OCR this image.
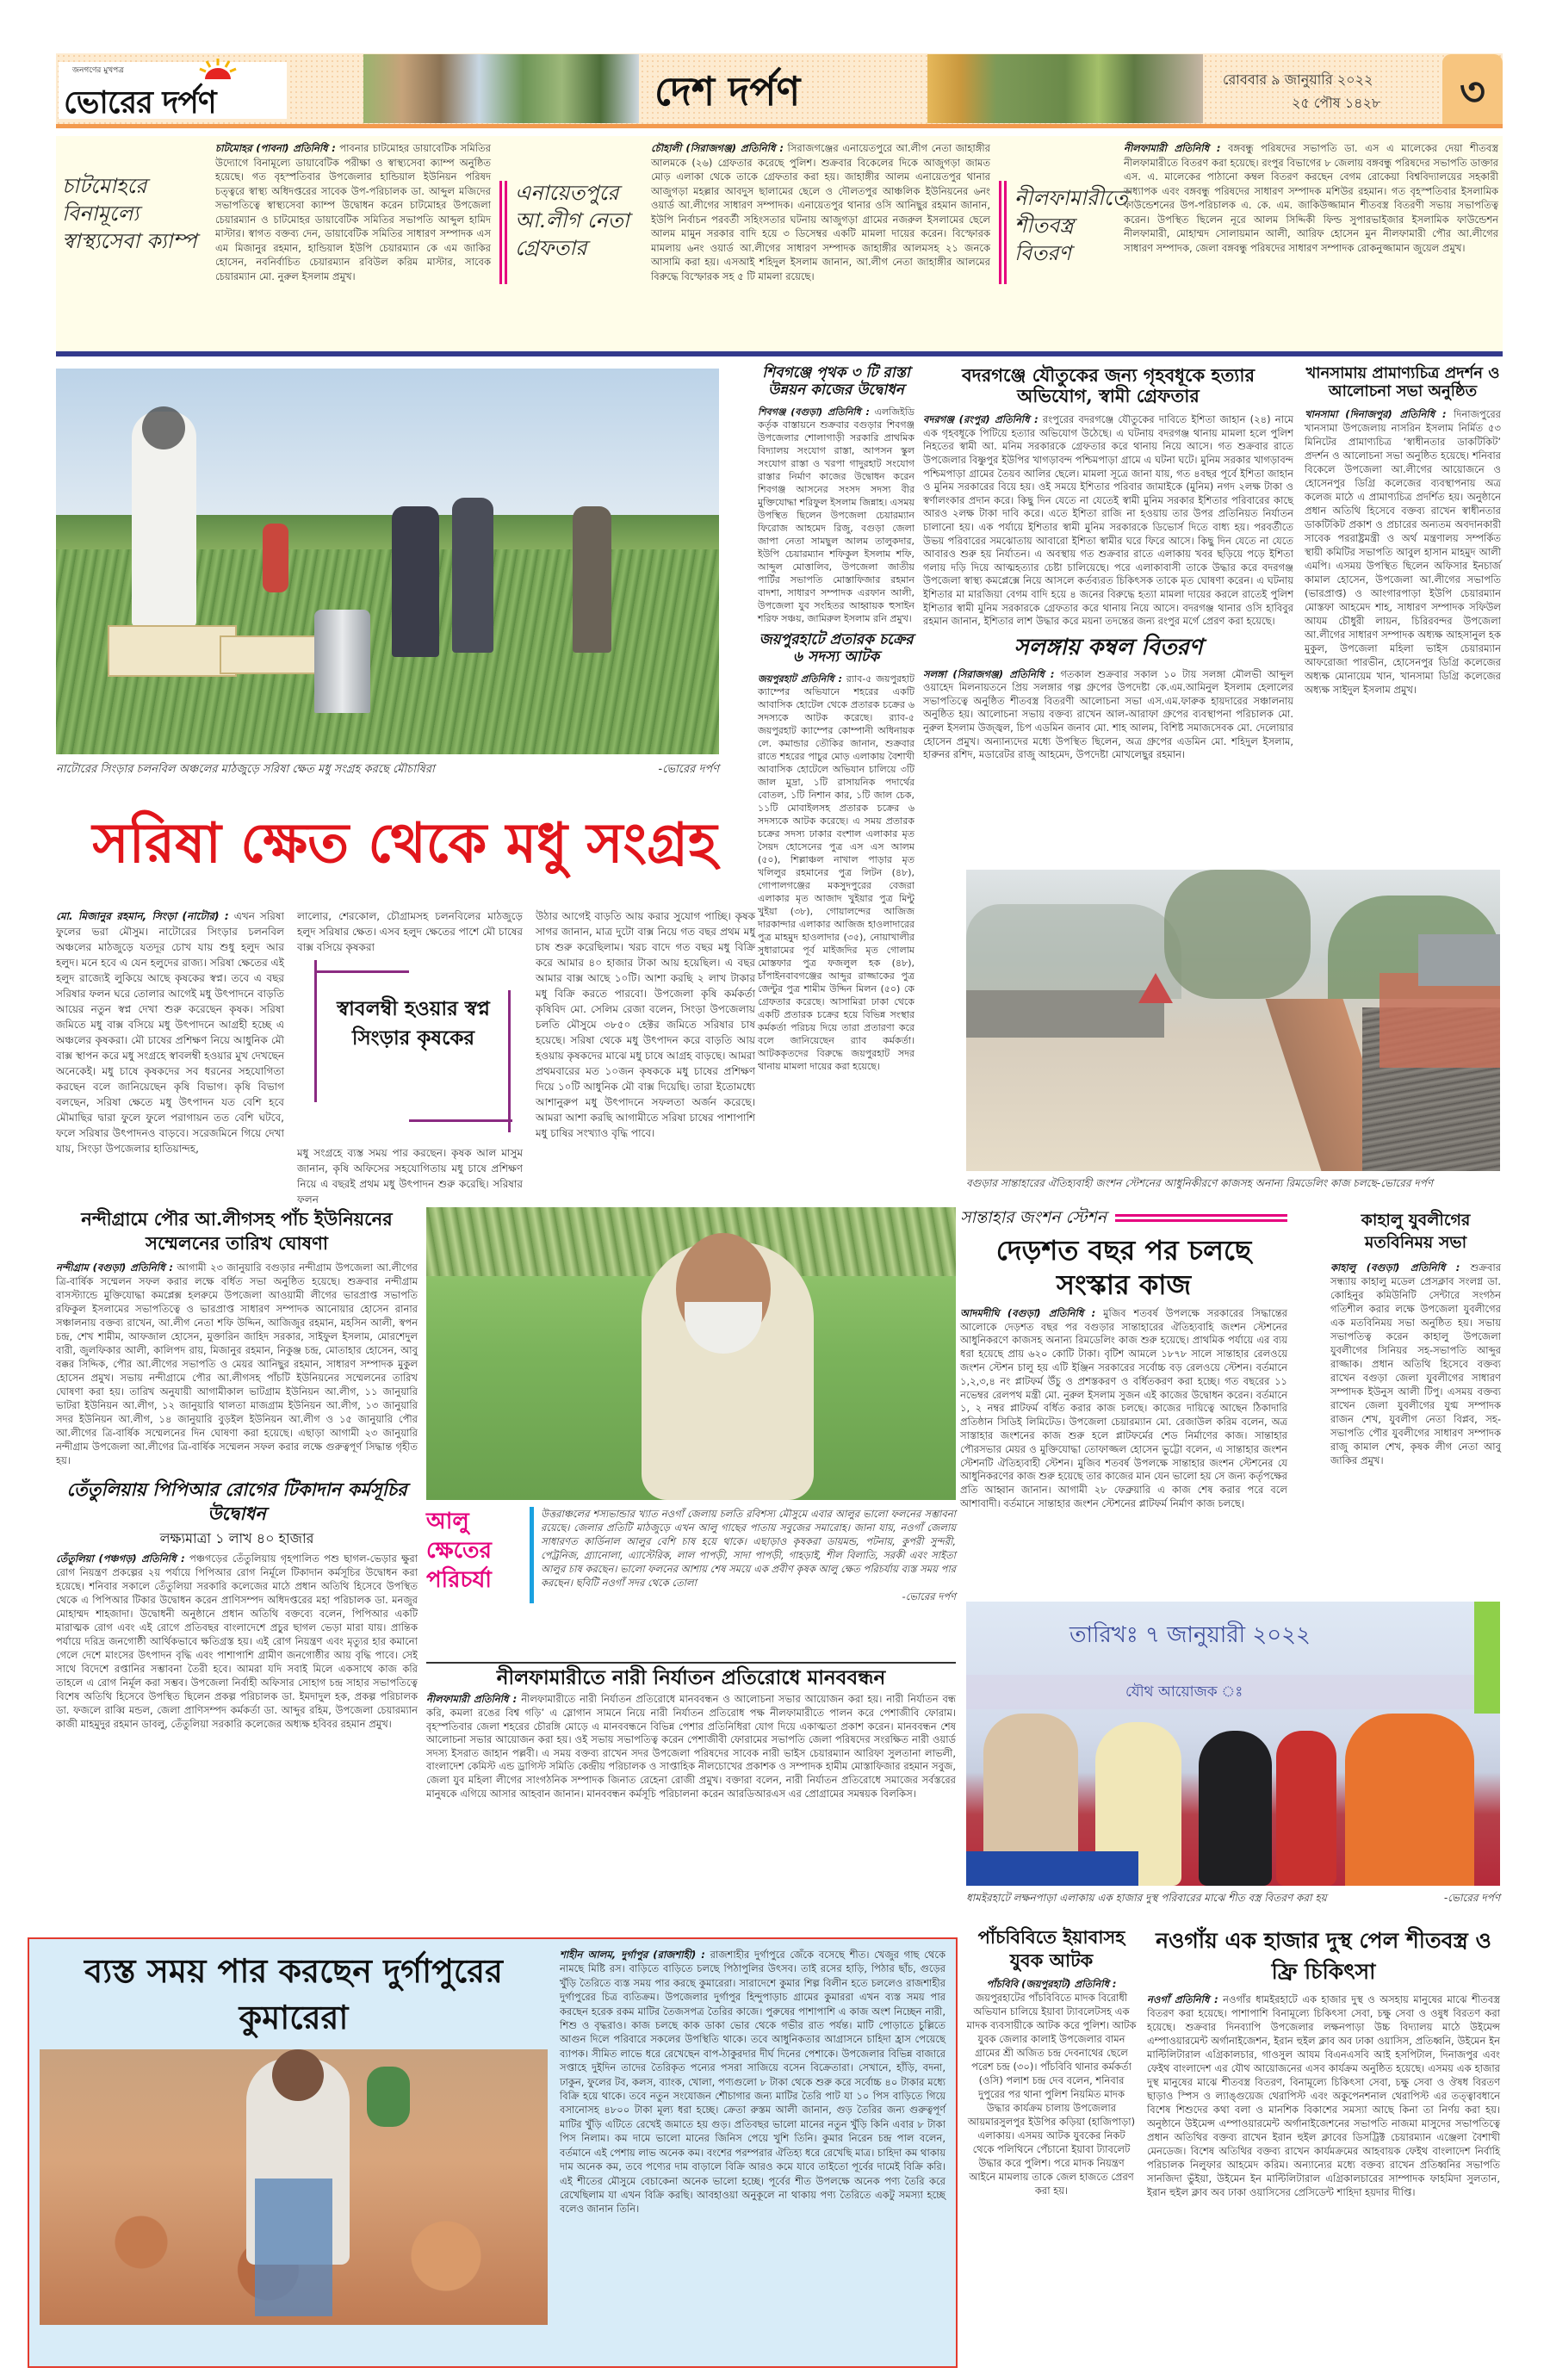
জনগণের মুখপত্র
ভোরের দর্পণ	দেশ দর্পণ	রোববার ৯ জানুয়ারি ২০২২
২৫ পৌষ ১৪২৮	৩
চাটমোহরে বিনামূল্যে স্বাস্থ্যসেবা ক্যাম্প
চাটমোহর (পাবনা) প্রতিনিধি : পাবনার চাটমোহর ডায়াবেটিক সমিতির উদ্যোগে বিনামূল্যে ডায়াবেটিক পরীক্ষা ও স্বাস্থ্যসেবা ক্যাম্প অনুষ্ঠিত হয়েছে। গত বৃহস্পতিবার উপজেলার হান্ডিয়াল ইউনিয়ন পরিষদ চত্ত্বরে স্বাস্থ্য অধিদপ্তরের সাবেক উপ-পরিচালক ডা. আব্দুল মজিদের সভাপতিত্বে স্বাস্থ্যসেবা ক্যাম্প উদ্বোধন করেন চাটমোহর উপজেলা চেয়ারম্যান ও চাটমোহর ডায়াবেটিক সমিতির সভাপতি আব্দুল হামিদ মাস্টার। স্বাগত বক্তব্য দেন, ডায়াবেটিক সমিতির সাধারণ সম্পাদক এস এম মিজানুর রহমান, হান্ডিয়াল ইউপি চেয়ারম্যান কে এম জাকির হোসেন, নবনির্বাচিত চেয়ারম্যান রবিউল করিম মাস্টার, সাবেক চেয়ারম্যান মো. নুরুল ইসলাম প্রমুখ।
এনায়েতপুরে আ.লীগ নেতা গ্রেফতার
চৌহালী (সিরাজগঞ্জ) প্রতিনিধি : সিরাজগঞ্জের এনায়েতপুরে আ.লীগ নেতা জাহাঙ্গীর আলমকে (২৬) গ্রেফতার করেছে পুলিশ। শুক্রবার বিকেলের দিকে আজুগড়া জামত মোড় এলাকা থেকে তাকে গ্রেফতার করা হয়। জাহাঙ্গীর আলম এনায়েতপুর থানার আজুগড়া মহল্লার আবদুস ছালামের ছেলে ও দৌলতপুর আঞ্চলিক ইউনিয়নের ৬নং ওয়ার্ড আ.লীগের সাধারণ সম্পাদক। এনায়েতপুর থানার ওসি আনিছুর রহমান জানান, ইউপি নির্বাচন পরবর্তী সহিংসতার ঘটনায় আজুগড়া গ্রামের নজরুল ইসলামের ছেলে আলম মামুন সরকার বাদি হয়ে ৩ ডিসেম্বর একটি মামলা দায়ের করেন। বিস্ফোরক মামলায় ৬নং ওয়ার্ড আ.লীগের সাধারণ সম্পাদক জাহাঙ্গীর আলমসহ ২১ জনকে আসামি করা হয়। এসআই শহিদুল ইসলাম জানান, আ.লীগ নেতা জাহাঙ্গীর আলমের বিরুদ্ধে বিস্ফোরক সহ ৫ টি মামলা রয়েছে।
নীলফামারীতে শীতবস্ত্র বিতরণ
নীলফামারী প্রতিনিধি : বঙ্গবন্ধু পরিষদের সভাপতি ডা. এস এ মালেকের দেয়া শীতবস্ত্র নীলফামারীতে বিতরণ করা হয়েছে। রংপুর বিভাগের ৮ জেলায় বঙ্গবন্ধু পরিষদের সভাপতি ডাক্তার এস. এ. মালেকের পাঠানো কম্বল বিতরণ করছেন বেগম রোকেয়া বিশ্ববিদ্যালয়ের সহকারী অধ্যাপক এবং বঙ্গবন্ধু পরিষদের সাধারণ সম্পাদক মশিউর রহমান। গত বৃহস্পতিবার ইসলামিক ফাউন্ডেশনের উপ-পরিচালক এ. কে. এম. জাকিউজ্জামান শীতবস্ত্র বিতরণী সভায় সভাপতিত্ব করেন। উপস্থিত ছিলেন নূরে আলম সিদ্দিকী ফিল্ড সুপারভাইজার ইসলামিক ফাউন্ডেশন নীলফামারী, মোহাম্মদ সোলায়মান আলী, আরিফ হোসেন মুন নীলফামারী পৌর আ.লীগের সাধারণ সম্পাদক, জেলা বঙ্গবন্ধু পরিষদের সাধারণ সম্পাদক রোকনুজ্জামান জুয়েল প্রমুখ।
নাটোরের সিংড়ার চলনবিল অঞ্চলের মাঠজুড়ে সরিষা ক্ষেত মধু সংগ্রহ করছে মৌচাষিরা	-ভোরের দর্পণ
সরিষা ক্ষেত থেকে মধু সংগ্রহ
মো. মিজানুর রহমান, সিংড়া (নাটোর) : এখন সরিষা ফুলের ভরা মৌসুম। নাটোরের সিংড়ার চলনবিল অঞ্চলের মাঠজুড়ে যতদূর চোখ যায় শুধু হলুদ আর হলুদ। মনে হবে এ যেন হলুদের রাজ্য। সরিষা ক্ষেতের এই হলুদ রাজ্যেই লুকিয়ে আছে কৃষকের স্বপ্ন। তবে এ বছর সরিষার ফলন ঘরে তোলার আগেই মধু উৎপাদনে বাড়তি আয়ের নতুন স্বপ্ন দেখা শুরু করেছেন কৃষক। সরিষা জমিতে মধু বাক্স বসিয়ে মধু উৎপাদনে আগ্রহী হচ্ছে এ অঞ্চলের কৃষকরা। মৌ চাষের প্রশিক্ষণ নিয়ে আধুনিক মৌ বাক্স স্থাপন করে মধু সংগ্রহে স্বাবলম্বী হওয়ার মুখ দেখছেন অনেকেই। মধু চাষে কৃষকদের সব ধরনের সহযোগিতা করছেন বলে জানিয়েছেন কৃষি বিভাগ। কৃষি বিভাগ বলছেন, সরিষা ক্ষেতে মধু উৎপাদন যত বেশি হবে মৌমাছির দ্বারা ফুলে ফুলে পরাগায়ন তত বেশি ঘটবে, ফলে সরিষার উৎপাদনও বাড়বে। সরেজমিনে গিয়ে দেখা যায়, সিংড়া উপজেলার হাতিয়ান্দহ,
লালোর, শেরকোল, চৌগ্রামসহ চলনবিলের মাঠজুড়ে হলুদ সরিষার ক্ষেত। এসব হলুদ ক্ষেতের পাশে মৌ চাষের বাক্স বসিয়ে কৃষকরা
স্বাবলম্বী হওয়ার স্বপ্ন সিংড়ার কৃষকের
মধু সংগ্রহে ব্যস্ত সময় পার করছেন। কৃষক আল মাসুম জানান, কৃষি অফিসের সহযোগিতায় মধু চাষে প্রশিক্ষণ নিয়ে এ বছরই প্রথম মধু উৎপাদন শুরু করেছি। সরিষার ফলন
উঠার আগেই বাড়তি আয় করার সুযোগ পাচ্ছি। কৃষক সাগর জানান, মাত্র দুটো বাক্স নিয়ে গত বছর প্রথম মধু চাষ শুরু করেছিলাম। খরচ বাদে গত বছর মধু বিক্রি করে আমার ৪০ হাজার টাকা আয় হয়েছিল। এ বছর আমার বাক্স আছে ১০টি। আশা করছি ২ লাখ টাকার মধু বিক্রি করতে পারবো। উপজেলা কৃষি কর্মকর্তা কৃষিবিদ মো. সেলিম রেজা বলেন, সিংড়া উপজেলায় চলতি মৌসুমে ৩৮৫০ হেক্টর জমিতে সরিষার চাষ হয়েছে। সরিষা থেকে মধু উৎপাদন করে বাড়তি আয় হওয়ায় কৃষকদের মাঝে মধু চাষে আগ্রহ বাড়ছে। আমরা প্রথমবারের মত ১০জন কৃষককে মধু চাষের প্রশিক্ষণ দিয়ে ১০টি আধুনিক মৌ বাক্স দিয়েছি। তারা ইতোমধ্যে আশানুরুপ মধু উৎপাদনে সফলতা অর্জন করেছে। আমরা আশা করছি আগামীতে সরিষা চাষের পাশাপাশি মধু চাষির সংখ্যাও বৃদ্ধি পাবে।
শিবগঞ্জে পৃথক ৩ টি রাস্তা উন্নয়ন কাজের উদ্বোধন
শিবগঞ্জ (বগুড়া) প্রতিনিধি : এলজিইডি কর্তৃক বাস্তায়নে শুক্রবার বগুড়ার শিবগঞ্জ উপজেলার শোলাগাড়ী সরকারি প্রাথমিক বিদ্যালয় সংযোগ রাস্তা, আপসন স্কুল সংযোগ রাস্তা ও খরপা গাদুরহাট সংযোগ রাস্তার নির্মাণ কাজের উদ্বোধন করেন শিবগঞ্জ আসনের সংসদ সদস্য বীর মুক্তিযোদ্ধা শরিফুল ইসলাম জিন্নাহ। এসময় উপস্থিত ছিলেন উপজেলা চেয়ারম্যান ফিরোজ আহমেদ রিজু, বগুড়া জেলা জাপা নেতা সামছুল আলম তালুকদার, ইউপি চেয়ারম্যান শফিকুল ইসলাম শফি, আব্দুল মোত্তালিব, উপজেলা জাতীয় পার্টির সভাপতি মোস্তাফিজার রহমান বাদশা, সাধারণ সম্পাদক এরফান আলী, উপজেলা যুব সংহিতর আহ্বায়ক হুসাইন শরিফ সঞ্চয়, জামিরুল ইসলাম রনি প্রমুখ।
জয়পুরহাটে প্রতারক চক্রের ৬ সদস্য আটক
জয়পুরহাট প্রতিনিধি : র‌্যাব-৫ জয়পুরহাট ক্যাম্পের অভিযানে শহরের একটি আবাসিক হোটেল থেকে প্রতারক চক্রের ৬ সদস্যকে আটক করেছে। র‌্যাব-৫ জয়পুরহাট ক্যাম্পের কোম্পানী অধিনায়ক লে. কমান্ডার তৌকির জানান, শুক্রবার রাতে শহরের পাচুর মোড় এলাকায় বৈশাখী আবাসিক হোটেলে অভিযান চালিয়ে ৩টি জাল মুদ্রা, ১টি রাসায়নিক পদার্থের বোতল, ১টি নিশান কার, ১টি জাল চেক, ১১টি মোবাইলসহ প্রতারক চক্রের ৬ সদস্যকে আটক করেছে। এ সময় প্রতারক চক্রের সদস্য ঢাকার বংশাল এলাকার মৃত সৈয়দ হোসেনের পুত্র এস এস আলম (৫০), শিল্লাঞ্চল নাখাল পাড়ার মৃত খলিলুর রহমানের পুত্র লিটন (৪৮), গোপালগঞ্জের মকসুদপুরের বেজরা এলাকার মৃত আজাদ খুইয়ার পুত্র মিন্টু খুইয়া (৩৮), গোয়ালন্দের আজিজ দারকান্দার এলাকার আজিজ হাওলাদারের পুত্র মাহমুদ হাওলাদার (৩৫), নোয়াখালীর সুধারামের পূর্ব মাইজদির মৃত গোলাম মোস্তফার পুত্র ফজলুল হক (৪৮), চাঁপাইনবাবগঞ্জের আব্দুর রাজ্জাকের পুত্র জেন্টুর পুত্র শামীম উদ্দিন মিলন (৫০) কে গ্রেফতার করেছে। আসামিরা ঢাকা থেকে একটি প্রতারক চক্রের হয়ে বিভিন্ন সংস্থার কর্মকর্তা পরিচয় দিয়ে তারা প্রতারণা করে বলে জানিয়েছেন র‌্যাব কর্মকর্তা। আটককৃতদের বিরুদ্ধে জয়পুরহাট সদর থানায় মামলা দায়ের করা হয়েছে।
বদরগঞ্জে যৌতুকের জন্য গৃহবধূকে হত্যার অভিযোগ, স্বামী গ্রেফতার
বদরগঞ্জ (রংপুর) প্রতিনিধি : রংপুরের বদরগঞ্জে যৌতুকের দাবিতে ইশিতা জাহান (২৪) নামে এক গৃহবধূকে পিটিয়ে হত্যার অভিযোগ উঠেছে। এ ঘটনায় বদরগঞ্জ থানায় মামলা হলে পুলিশ নিহতের স্বামী আ. মনিম সরকারকে গ্রেফতার করে থানায় নিয়ে আসে। গত শুক্রবার রাতে উপজেলার বিষ্ণুপুর ইউপির খাগড়াবন্দ পশ্চিমপাড়া গ্রামে এ ঘটনা ঘটে। মুনিম সরকার খাগড়াবন্দ পশ্চিমপাড়া গ্রামের তৈয়ব আলির ছেলে। মামলা সূত্রে জানা যায়, গত ৪বছর পূর্বে ইশিতা জাহান ও মুনিম সরকারের বিয়ে হয়। ওই সময়ে ইশিতার পরিবার জামাইকে (মুনিম) নগদ ২লক্ষ টাকা ও স্বর্ণালংকার প্রদান করে। কিছু দিন যেতে না যেতেই স্বামী মুনিম সরকার ইশিতার পরিবারের কাছে আরও ২লক্ষ টাকা দাবি করে। এতে ইশিতা রাজি না হওয়ায় তার উপর প্রতিনিয়ত নির্যাতন চালানো হয়। এক পর্যায়ে ইশিতার স্বামী মুনিম সরকারকে ডিভোর্স দিতে বাধ্য হয়। পরবর্তীতে উভয় পরিবারের সমঝোতায় আবারো ইশিতা স্বামীর ঘরে ফিরে আসে। কিছু দিন যেতে না যেতে আবারও শুরু হয় নির্যাতন। এ অবস্থায় গত শুক্রবার রাতে এলাকায় খবর ছড়িয়ে পড়ে ইশিতা গলায় দড়ি দিয়ে আত্মহত্যার চেষ্টা চালিয়েছে। পরে এলাকাবাসী তাকে উদ্ধার করে বদরগঞ্জ উপজেলা স্বাস্থ্য কমপ্লেক্সে নিয়ে আসলে কর্তব্যরত চিকিৎসক তাকে মৃত ঘোষণা করেন। এ ঘটনায় ইশিতার মা মারজিয়া বেগম বাদি হয়ে ৪ জনের বিরুদ্ধে হত্যা মামলা দায়ের করলে রাতেই পুলিশ ইশিতার স্বামী মুনিম সরকারকে গ্রেফতার করে থানায় নিয়ে আসে। বদরগঞ্জ থানার ওসি হাবিবুর রহমান জানান, ইশিতার লাশ উদ্ধার করে ময়না তদন্তের জন্য রংপুর মর্গে প্রেরণ করা হয়েছে।
সলঙ্গায় কম্বল বিতরণ
সলঙ্গা (সিরাজগঞ্জ) প্রতিনিধি : গতকাল শুক্রবার সকাল ১০ টায় সলঙ্গা মৌলভী আব্দুল ওয়াহেদ মিলনায়তনে প্রিয় সলঙ্গার গল্প গ্রুপের উপদেষ্টা কে.এম.আমিনুল ইসলাম হেলালের সভাপতিত্বে অনুষ্ঠিত শীতবস্ত্র বিতরণী আলোচনা সভা এস.এম.ফারুক হায়দারের সঞ্চালনায় অনুষ্ঠিত হয়। আলোচনা সভায় বক্তব্য রাখেন আল-আরাফা গ্রুপের ব্যবস্থাপনা পরিচালক মো. নুরুল ইসলাম উজ্জ্বল, চিপ এডমিন জনাব মো. শাহ আলম, বিশিষ্ট সমাজসেবক মো. দেলোয়ার হোসেন প্রমুখ। অন্যান্যদের মধ্যে উপস্থিত ছিলেন, অত্র গ্রুপের এডমিন মো. শহিদুল ইসলাম, হারুনর রশিদ, মডারেটর রাজু আহমেদ, উপদেষ্টা মোখলেছুর রহমান।
খানসামায় প্রামাণ্যচিত্র প্রদর্শন ও আলোচনা সভা অনুষ্ঠিত
খানসামা (দিনাজপুর) প্রতিনিধি : দিনাজপুরের খানসামা উপজেলায় নাসরিন ইসলাম নির্মিত ৫৩ মিনিটের প্রামাণ্যচিত্র ‘স্বাধীনতার ডাকটিকিট’ প্রদর্শন ও আলোচনা সভা অনুষ্ঠিত হয়েছে। শনিবার বিকেলে উপজেলা আ.লীগের আয়োজনে ও হোসেনপুর ডিগ্রি কলেজের ব্যবস্থাপনায় অত্র কলেজ মাঠে এ প্রামাণ্যচিত্র প্রদর্শিত হয়। অনুষ্ঠানে প্রধান অতিথি হিসেবে বক্তব্য রাখেন স্বাধীনতার ডাকটিকিট প্রকাশ ও প্রচারের অন্যতম অবদানকারী সাবেক পররাষ্ট্রমন্ত্রী ও অর্থ মন্ত্রণালয় সম্পর্কিত স্থায়ী কমিটির সভাপতি আবুল হাসান মাহমুদ আলী এমপি। এসময় উপস্থিত ছিলেন অফিসার ইনচার্জ কামাল হোসেন, উপজেলা আ.লীগের সভাপতি (ভারপ্রাপ্ত) ও আংগারপাড়া ইউপি চেয়ারম্যান মোস্তফা আহমেদ শাহ, সাধারণ সম্পাদক সফিউল আযম চৌধুরী লায়ন, চিরিরবন্দর উপজেলা আ.লীগের সাধারণ সম্পাদক অধ্যক্ষ আহসানুল হক মুকুল, উপজেলা মহিলা ভাইস চেয়ারম্যান আফরোজা পারভীন, হোসেনপুর ডিগ্রি কলেজের অধ্যক্ষ মোনায়েম খান, খানসামা ডিগ্রি কলেজের অধ্যক্ষ সাইদুল ইসলাম প্রমুখ।
বগুড়ার সান্তাহারের ঐতিহ্যবাহী জংশন স্টেশনের আধুনিকীরণে কাজসহ অনান্য রিমডেলিং কাজ চলছে-ভোরের দর্পণ
সান্তাহার জংশন স্টেশন
দেড়শত বছর পর চলছে সংস্কার কাজ
আদমদীঘি (বগুড়া) প্রতিনিধি : মুজিব শতবর্ষ উপলক্ষে সরকারের সিদ্ধান্তের আলোকে দেড়শত বছর পর বগুড়ার সান্তাহারের ঐতিহ্যবাহি জংশন স্টেশনের আধুনিকরণে কাজসহ অনান্য রিমডেলিং কাজ শুরু হয়েছে। প্রাথমিক পর্যায়ে এর ব্যয় ধরা হয়েছে প্রায় ৬২০ কোটি টাকা। বৃটিশ আমলে ১৮৭৮ সালে সান্তাহার রেলওয়ে জংশন স্টেশন চালু হয় এটি ইঞ্জিন সরকারের সর্বোচ্চ বড় রেলওয়ে স্টেশন। বর্তমানে ১,২,৩,৪ নং প্লাটফর্ম উঁচু ও প্রশস্তকরণ ও বর্ধিতকরণ করা হচ্ছে। গত বছরের ১১ নভেম্বর রেলপথ মন্ত্রী মো. নুরুল ইসলাম সুজন এই কাজের উদ্বোধন করেন। বর্তমানে ১, ২ নম্বর প্লাটফর্ম বর্ধিত করার কাজ চলছে। কাজের দায়িত্বে আছেন ঠিকাদারি প্রতিষ্ঠান সিডিই লিমিটেড। উপজেলা চেয়ারম্যান মো. রেজাউল করিম বলেন, অত্র সাস্তাহার জংশনের কাজ শুরু হলে প্লাটফর্মের শেড নির্মাণের কাজ। সান্তাহার পৌরসভার মেয়র ও মুক্তিযোদ্ধা তোফাজ্জল হোসেন ভুট্টো বলেন, এ সান্তাহার জংশন স্টেশনটি ঐতিহ্যবাহী স্টেশন। মুজিব শতবর্ষ উপলক্ষে সান্তাহার জংশন স্টেশনের যে আধুনিকরণের কাজ শুরু হয়েছে তার কাজের মান যেন ভালো হয় সে জন্য কর্তৃপক্ষের প্রতি আহ্বান জানান। আগামী ২৮ ফেব্রুয়ারি এ কাজ শেষ করার পরে বলে আশাবাদী। বর্তমানে সান্তাহার জংশন স্টেশনের প্লাটফর্ম নির্মাণ কাজ চলছে।
কাহালু যুবলীগের মতবিনিময় সভা
কাহালু (বগুড়া) প্রতিনিধি : শুক্রবার সন্ধ্যায় কাহালু মডেল প্রেসক্লাব সংলগ্ন ডা. কোহিনুর কমিউনিটি সেন্টারে সংগঠন গতিশীল করার লক্ষে উপজেলা যুবলীগের এক মতবিনিময় সভা অনুষ্ঠিত হয়। সভায় সভাপতিত্ব করেন কাহালু উপজেলা যুবলীগের সিনিয়র সহ-সভাপতি আব্দুর রাজ্জাক। প্রধান অতিথি হিসেবে বক্তব্য রাখেন বগুড়া জেলা যুবলীগের সাধারণ সম্পাদক ইউনুস আলী টিপু। এসময় বক্তব্য রাখেন জেলা যুবলীগের যুগ্ম সম্পাদক রাজন শেখ, যুবলীগ নেতা বিপ্লব, সহ-সভাপতি পৌর যুবলীগের সাধারণ সম্পাদক রাজু কামাল শেখ, কৃষক লীগ নেতা আবু জাকির প্রমুখ।
নন্দীগ্রামে পৌর আ.লীগসহ পাঁচ ইউনিয়নের সম্মেলনের তারিখ ঘোষণা
নন্দীগ্রাম (বগুড়া) প্রতিনিধি : আগামী ২৩ জানুয়ারি বগুড়ার নন্দীগ্রাম উপজেলা আ.লীগের ত্রি-বার্ষিক সম্মেলন সফল করার লক্ষে বর্ধিত সভা অনুষ্ঠিত হয়েছে। শুক্রবার নন্দীগ্রাম বাসস্ট্যান্ডে মুক্তিযোদ্ধা কমপ্লেক্স হলরুমে উপজেলা আওয়ামী লীগের ভারপ্রাপ্ত সভাপতি রফিকুল ইসলামের সভাপতিত্বে ও ভারপ্রাপ্ত সাধারণ সম্পাদক আনোয়ার হোসেন রানার সঞ্চালনায় বক্তব্য রাখেন, আ.লীগ নেতা শফি উদ্দিন, আজিজুর রহমান, মহসিন আলী, স্বপন চন্দ্র, শেখ শামীম, আফজাল হোসেন, মুক্তারিন জাহিদ সরকার, সাইফুল ইসলাম, মোরশেদুল বারী, জুলফিকার আলী, কালিপদ রায়, মিজানুর রহমান, নিকুঞ্জ চন্দ্র, মোতাহার হোসেন, আবু বক্কর সিদ্দিক, পৌর আ.লীগের সভাপতি ও মেয়র আনিছুর রহমান, সাধারণ সম্পাদক মুকুল হোসেন প্রমুখ। সভায় নন্দীগ্রামে পৌর আ.লীগসহ পাঁচটি ইউনিয়নের সম্মেলনের তারিখ ঘোষণা করা হয়। তারিখ অনুযায়ী আগামীকাল ভাটগ্রাম ইউনিয়ন আ.লীগ, ১১ জানুয়ারি ভাটরা ইউনিয়ন আ.লীগ, ১২ জানুয়ারি থালতা মাজগ্রাম ইউনিয়ন আ.লীগ, ১৩ জানুয়ারি সদর ইউনিয়ন আ.লীগ, ১৪ জানুয়ারি বুড়ইল ইউনিয়ন আ.লীগ ও ১৫ জানুয়ারি পৌর আ.লীগের ত্রি-বার্ষিক সম্মেলনের দিন ঘোষণা করা হয়েছে। এছাড়া আগামী ২৩ জানুয়ারি নন্দীগ্রাম উপজেলা আ.লীগের ত্রি-বার্ষিক সম্মেলন সফল করার লক্ষে গুরুত্বপূর্ণ সিদ্ধান্ত গৃহীত হয়।
তেঁতুলিয়ায় পিপিআর রোগের টিকাদান কর্মসূচির উদ্বোধন
লক্ষ্যমাত্রা ১ লাখ ৪০ হাজার
তেঁতুলিয়া (পঞ্চগড়) প্রতিনিধি : পঞ্চগড়ের তেঁতুলিয়ায় গৃহপালিত পশু ছাগল-ভেড়ার ক্ষুরা রোগ নিয়ন্ত্রণ প্রকল্পের ২য় পর্যায়ে পিপিআর রোগ নির্মূলে টিকাদান কর্মসূচির উদ্বোধন করা হয়েছে। শনিবার সকালে তেঁতুলিয়া সরকারি কলেজের মাঠে প্রধান অতিথি হিসেবে উপস্থিত থেকে এ পিপিআর টিকার উদ্বোধন করেন প্রাণিসম্পদ অধিদপ্তরের মহা পরিচালক ডা. মনজুর মোহাম্মদ শাহজাদা। উদ্বোধনী অনুষ্ঠানে প্রধান অতিথি বক্তব্যে বলেন, পিপিআর একটি মারাত্মক রোগ এবং এই রোগে প্রতিবছর বাংলাদেশে প্রচুর ছাগল ভেড়া মারা যায়। প্রান্তিক পর্যায়ে দরিদ্র জনগোষ্ঠী আর্থিকভাবে ক্ষতিগ্রস্ত হয়। এই রোগ নিয়ন্ত্রণ এবং মৃত্যুর হার কমানো গেলে দেশে মাংসের উৎপাদন বৃদ্ধি এবং পাশাপাশি গ্রামীণ জনগোষ্ঠীর আয় বৃদ্ধি পাবে। সেই সাথে বিদেশে রপ্তানির সম্ভাবনা তৈরী হবে। আমরা যদি সবাই মিলে একসাথে কাজ করি তাহলে এ রোগ নির্মূল করা সম্ভব। উপজেলা নির্বাহী অফিসার সোহাগ চন্দ্র সাহার সভাপতিত্বে বিশেষ অতিথি হিসেবে উপস্থিত ছিলেন প্রকল্প পরিচালক ডা. ইমদাদুল হক, প্রকল্প পরিচালক ডা. ফজলে রাব্বি মন্ডল, জেলা প্রাণিসম্পদ কর্মকর্তা ডা. আব্দুর রহিম, উপজেলা চেয়ারম্যান কাজী মাহমুদুর রহমান ডাবলু, তেঁতুলিয়া সরকারি কলেজের অধ্যক্ষ হবিবর রহমান প্রমুখ।
আলু ক্ষেতের পরিচর্যা
উত্তরাঞ্চলের শস্যভান্ডার খ্যাত নওগাঁ জেলায় চলতি রবিশস্য মৌসুমে এবার আলুর ভালো ফলনের সম্ভাবনা রয়েছে। জেলার প্রতিটি মাঠজুড়ে এখন আলু গাছের পাতায় সবুজের সমারোহ। জানা যায়, নওগাঁ জেলায় সাধারণত কার্ডিনাল আলুর বেশি চাষ হয়ে থাকে। এছাড়াও কৃষকরা ডায়মন্ড, পটনায়, কুপরী সুন্দরী, পেট্রনিজ, গ্র্যানোলা, এ্যাস্টেরিক, লাল পাপড়ী, সাদা পাপড়ী, গাহড়াই, শীল বিলাতি, সরকী এবং সাইতা আলুর চাষ করছেন। ভালো ফলনের আশায় শেষ সময়ে এক প্রবীণ কৃষক আলু ক্ষেত পরিচর্যায় ব্যস্ত সময় পার করছেন। ছবিটি নওগাঁ সদর থেকে তোলা
-ভোরের দর্পণ
নীলফামারীতে নারী নির্যাতন প্রতিরোধে মানববন্ধন
নীলফামারী প্রতিনিধি : নীলফামারীতে নারী নির্যাতন প্রতিরোধে মানববন্ধন ও আলোচনা সভার আয়োজন করা হয়। নারী নির্যাতন বন্ধ করি, কমলা রঙের বিশ্ব গড়ি’ এ স্লোগান সামনে নিয়ে নারী নির্যাতন প্রতিরোধ পক্ষ নীলফামারীতে পালন করে পেশাজীবি ফোরাম। বৃহস্পতিবার জেলা শহরের চৌরঙ্গি মোড়ে এ মানববন্ধনে বিভিন্ন পেশার প্রতিনিধিরা যোগ দিয়ে একাত্মতা প্রকাশ করেন। মানববন্ধন শেষ আলোচনা সভার আয়োজন করা হয়। ওই সভায় সভাপতিত্ব করেন পেশাজীবী ফোরামের সভাপতি জেলা পরিষদের সংরক্ষিত নারী ওয়ার্ড সদস্য ইসরাত জাহান পল্লবী। এ সময় বক্তব্য রাখেন সদর উপজেলা পরিষদের সাবেক নারী ভাইস চেয়ারম্যান আরিফা সুলতানা লাভলী, বাংলাদেশ কেমিস্ট এন্ড ড্রাগিস্ট সমিতি কেন্দ্রীয় পরিচালক ও সাপ্তাহিক নীলচোখের প্রকাশক ও সম্পাদক হামীম মোস্তাফিজার রহমান সবুজ, জেলা যুব মহিলা লীগের সাংগঠনিক সম্পাদক জিনাত রেহেনা রোজী প্রমুখ। বক্তারা বলেন, নারী নির্যাতন প্রতিরোধে সমাজের সর্বস্তরের মানুষকে এগিয়ে আসার আহবান জানান। মানববন্ধন কর্মসূচি পরিচালনা করেন আরডিআরএস এর প্রোগ্রামের সমন্বয়ক বিলকিস।
তারিখঃ ৭ জানুয়ারী ২০২২
যৌথ আয়োজক ঃ
ধামইরহাটে লক্ষনপাড়া এলাকায় এক হাজার দুস্থ পরিবারের মাঝে শীত বস্ত্র বিতরণ করা হয়	-ভোরের দর্পণ
ব্যস্ত সময় পার করছেন দুর্গাপুরের কুমারেরা
শাহীন আলম, দুর্গাপুর (রাজশাহী) : রাজশাহীর দুর্গাপুরে জেঁকে বসেছে শীত। খেজুর গাছ থেকে নামছে মিষ্টি রস। বাড়িতে বাড়িতে চলছে পিঠাপুলির উৎসব। তাই রসের হাড়ি, পিঠার ছাঁচ, গুড়ের খুঁড়ি তৈরিতে ব্যস্ত সময় পার করছে কুমারেরা। সারাদেশে কুমার শিল্প বিলীন হতে চললেও রাজশাহীর দুর্গাপুরের চিত্র ব্যতিক্রম। উপজেলার দুর্গাপুর হিন্দুপাড়াচ গ্রামের কুমাররা এখন ব্যস্ত সময় পার করছেন হরেক রকম মাটির তৈজসপত্র তৈরির কাজে। পুরুষের পাশাপাশি এ কাজ অংশ নিচ্ছেন নারী, শিশু ও বৃদ্ধরাও। কাজ চলছে কাক ডাকা ভোর থেকে গভীর রাত পর্যন্ত। মাটি পোড়াতে চুল্লিতে আগুন দিলে পরিবারে সকলের উপস্থিতি থাকে। তবে আধুনিকতার আগ্রাসনে চাহিদা হ্রাস পেয়েছে ব্যাপক। সীমিত লাভে ধরে রেখেছেন বাপ-ঠাকুরদার দীর্ঘ দিনের পেশাকে। উপজেলার বিভিন্ন বাজারে সপ্তাহে দুইদিন তাদের তৈরিকৃত পন্যের পসরা সাজিয়ে বসেন বিক্রেতারা। সেখানে, হাঁড়ি, বদনা, ঢাকুন, ফুলের টব, কলস, ব্যাংক, খোলা, পণ্যগুলো ৮ টাকা থেকে শুরু করে সর্বোচ্চ ৪০ টাকার মধ্যে বিক্রি হয়ে থাকে। তবে নতুন সংযোজন শৌচাগার জন্য মাটির তৈরি পাট যা ১০ পিস বাড়িতে গিয়ে বসানোসহ ৪৮০০ টাকা মূল্য ধরা হচ্ছে। ক্রেতা রুস্তম আলী জানান, গুড় তৈরির জন্য গুরুত্বপূর্ণ মাটির খুঁড়ি এটিতে রেখেই জমাতে হয় গুড়। প্রতিবছর ভালো মানের নতুন খুঁড়ি কিনি এবার ৮ টাকা পিস নিলাম। কম দামে ভালো মানের জিনিস পেয়ে খুশি তিনি। কুমার নিরেন চন্দ্র পাল বলেন, বর্তমানে এই পেশায় লাভ অনেক কম। বংশের পরম্পরার ঐতিহ্য ধরে রেখেছি মাত্র। চাহিদা কম থাকায় দাম অনেক কম, তবে পণ্যের দাম বাড়ালে বিক্রি আরও কমে যাবে তাইতো পূর্বের দামেই বিক্রি করি। এই শীতের মৌসুমে বেচাকেনা অনেক ভালো হচ্ছে। পূর্বের শীত উপলক্ষে অনেক পণ্য তৈরি করে রেখেছিলাম যা এখন বিক্রি করছি। আবহাওয়া অনুকূলে না থাকায় পণ্য তৈরিতে একটু সমস্যা হচ্ছে বলেও জানান তিনি।
পাঁচবিবিতে ইয়াবাসহ যুবক আটক
পাঁচবিবি (জয়পুরহাট) প্রতিনিধি : জয়পুরহাটের পাঁচবিবিতে মাদক বিরোধী অভিযান চালিয়ে ইয়াবা ট্যাবলেটসহ এক মাদক ব্যবসায়ীকে আটক করে পুলিশ। আটক যুবক জেলার কালাই উপজেলার বামন গ্রামের শ্রী অজিত চন্দ্র দেবনাথের ছেলে পরেশ চন্দ্র (৩০)। পাঁচবিবি থানার কর্মকর্তা (ওসি) পলাশ চন্দ্র দেব বলেন, শনিবার দুপুরের পর থানা পুলিশ নিয়মিত মাদক উদ্ধার কার্যক্রম চালায় উপজেলার আয়মারসুলপুর ইউপির কড়িয়া (হাজিপাড়া) এলাকায়। এসময় আটক যুবকের নিকট থেকে পলিথিনে পেঁচানো ইয়াবা ট্যাবলেট উদ্ধার করে পুলিশ। পরে মাদক নিয়ন্ত্রণ আইনে মামলায় তাকে জেল হাজতে প্রেরণ করা হয়।
নওগাঁয় এক হাজার দুস্থ পেল শীতবস্ত্র ও ফ্রি চিকিৎসা
নওগাঁ প্রতিনিধি : নওগাঁর ধামইরহাটে এক হাজার দুস্থ ও অসহায় মানুষের মাঝে শীতবস্ত্র বিতরণ করা হয়েছে। পাশাপাশি বিনামূল্যে চিকিৎসা সেবা, চক্ষু সেবা ও ওষুধ বিরতণ করা হয়েছে। শুক্রবার দিনব্যাপি উপজেলার লক্ষনপাড়া উচ্চ বিদ্যালয় মাঠে উইমেন্স এম্পাওয়ারমেন্ট অর্গানাইজেশন, ইরান হুইল ক্লাব অব ঢাকা ওয়াসিস, প্রতিধ্বনি, উইমেন ইন মাল্টিলিটারাল এগ্রিকালচার, গাওসুল আযম বিএনএসবি আই হসপিটাল, দিনাজপুর এবং ফেইথ বাংলাদেশ এর যৌথ আয়োজনের এসব কার্যক্রম অনুষ্ঠিত হয়েছে। এসময় এক হাজার দুস্থ মানুষের মাঝে শীতবস্ত্র বিতরণ, বিনামূল্যে চিকিৎসা সেবা, চক্ষু সেবা ও ঔষধ বিরতণ ছাড়াও স্পিস ও ল্যাঙ্গুয়েজ থেরাপিস্ট এবং অকুপেনশনাল থেরাপিস্ট এর তত্ত্বাবধানে বিশেষ শিশুদের কথা বলা ও মানশিক বিকাশের সমস্যা আছে কিনা তা নির্ণয় করা হয়। অনুষ্ঠানে উইমেন্স এম্পাওয়ারমেন্ট অর্গানাইজেশনের সভাপতি নাজমা মাসুদের সভাপতিত্বে প্রধান অতিথির বক্তব্য রাখেন ইরান হুইল ক্লাবের ডিসট্রিক্ট চেয়ারম্যান এঞ্জেলা বৈশাখী মেনডেজ। বিশেষ অতিথির বক্তব্য রাখেন কার্যমক্রমের আহবায়ক ফেইথ বাংলাদেশ নির্বাহি পরিচালক নিলুফার আহমেদ করিম। অন্যান্যের মধ্যে বক্তব্য রাখেন প্রতিধ্বনির সভাপতি সানজিদা ভুঁইয়া, উইমেন ইন মাল্টিলিটারাল এগ্রিকালচারের সাম্পাদক ফাহমিদা সুলতান, ইরান হুইল ক্লাব অব ঢাকা ওয়াসিসের প্রেসিডেন্ট শাহিদা হয়দার দীপ্তি।
